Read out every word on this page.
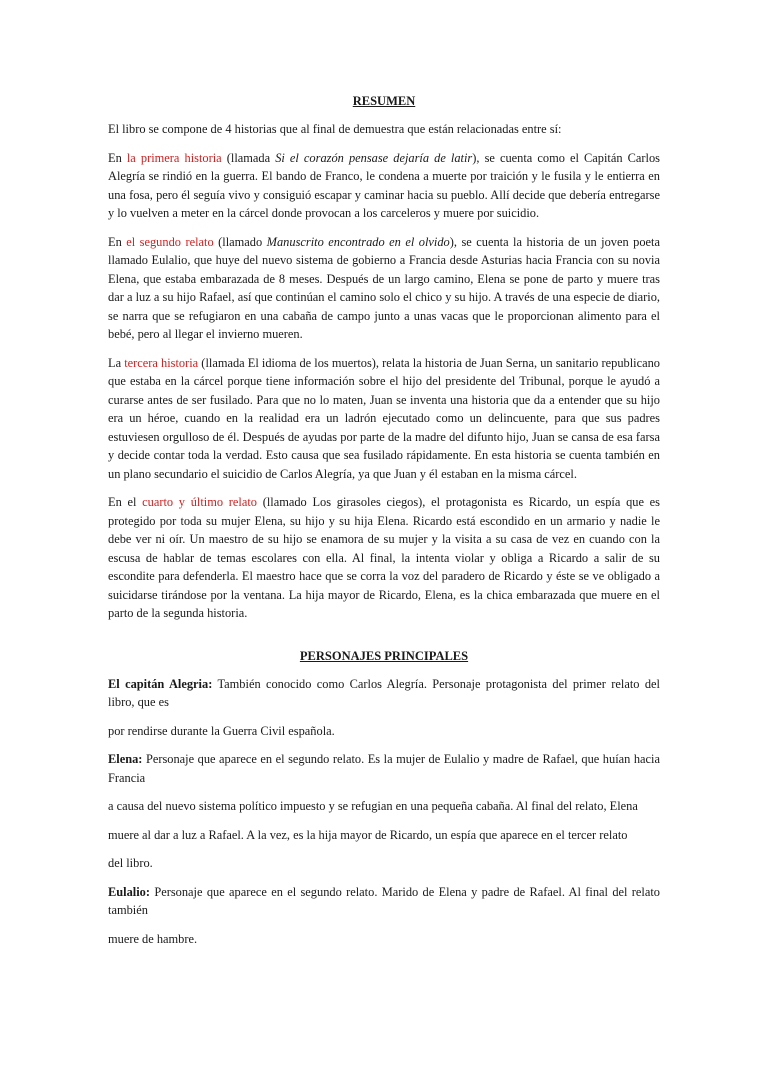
RESUMEN

El libro se compone de 4 historias que al final de demuestra que están relacionadas entre sí:

En la primera historia (llamada Si el corazón pensase dejaría de latir), se cuenta como el Capitán Carlos Alegría se rindió en la guerra. El bando de Franco, le condena a muerte por traición y le fusila y le entierra en una fosa, pero él seguía vivo y consiguió escapar y caminar hacia su pueblo. Allí decide que debería entregarse y lo vuelven a meter en la cárcel donde provocan a los carceleros y muere por suicidio.

En el segundo relato (llamado Manuscrito encontrado en el olvido), se cuenta la historia de un joven poeta llamado Eulalio, que huye del nuevo sistema de gobierno a Francia desde Asturias hacia Francia con su novia Elena, que estaba embarazada de 8 meses. Después de un largo camino, Elena se pone de parto y muere tras dar a luz a su hijo Rafael, así que continúan el camino solo el chico y su hijo. A través de una especie de diario, se narra que se refugiaron en una cabaña de campo junto a unas vacas que le proporcionan alimento para el bebé, pero al llegar el invierno mueren.

La tercera historia (llamada El idioma de los muertos), relata la historia de Juan Serna, un sanitario republicano que estaba en la cárcel porque tiene información sobre el hijo del presidente del Tribunal, porque le ayudó a curarse antes de ser fusilado. Para que no lo maten, Juan se inventa una historia que da a entender que su hijo era un héroe, cuando en la realidad era un ladrón ejecutado como un delincuente, para que sus padres estuviesen orgulloso de él. Después de ayudas por parte de la madre del difunto hijo, Juan se cansa de esa farsa y decide contar toda la verdad. Esto causa que sea fusilado rápidamente. En esta historia se cuenta también en un plano secundario el suicidio de Carlos Alegría, ya que Juan y él estaban en la misma cárcel.

En el cuarto y último relato (llamado Los girasoles ciegos), el protagonista es Ricardo, un espía que es protegido por toda su mujer Elena, su hijo y su hija Elena. Ricardo está escondido en un armario y nadie le debe ver ni oír. Un maestro de su hijo se enamora de su mujer y la visita a su casa de vez en cuando con la escusa de hablar de temas escolares con ella. Al final, la intenta violar y obliga a Ricardo a salir de su escondite para defenderla. El maestro hace que se corra la voz del paradero de Ricardo y éste se ve obligado a suicidarse tirándose por la ventana. La hija mayor de Ricardo, Elena, es la chica embarazada que muere en el parto de la segunda historia.

PERSONAJES PRINCIPALES

El capitán Alegria: También conocido como Carlos Alegría. Personaje protagonista del primer relato del libro, que es

por rendirse durante la Guerra Civil española.

Elena: Personaje que aparece en el segundo relato. Es la mujer de Eulalio y madre de Rafael, que huían hacia Francia

a causa del nuevo sistema político impuesto y se refugian en una pequeña cabaña. Al final del relato, Elena

muere al dar a luz a Rafael. A la vez, es la hija mayor de Ricardo, un espía que aparece en el tercer relato

del libro.

Eulalio: Personaje que aparece en el segundo relato. Marido de Elena y padre de Rafael. Al final del relato también

muere de hambre.
